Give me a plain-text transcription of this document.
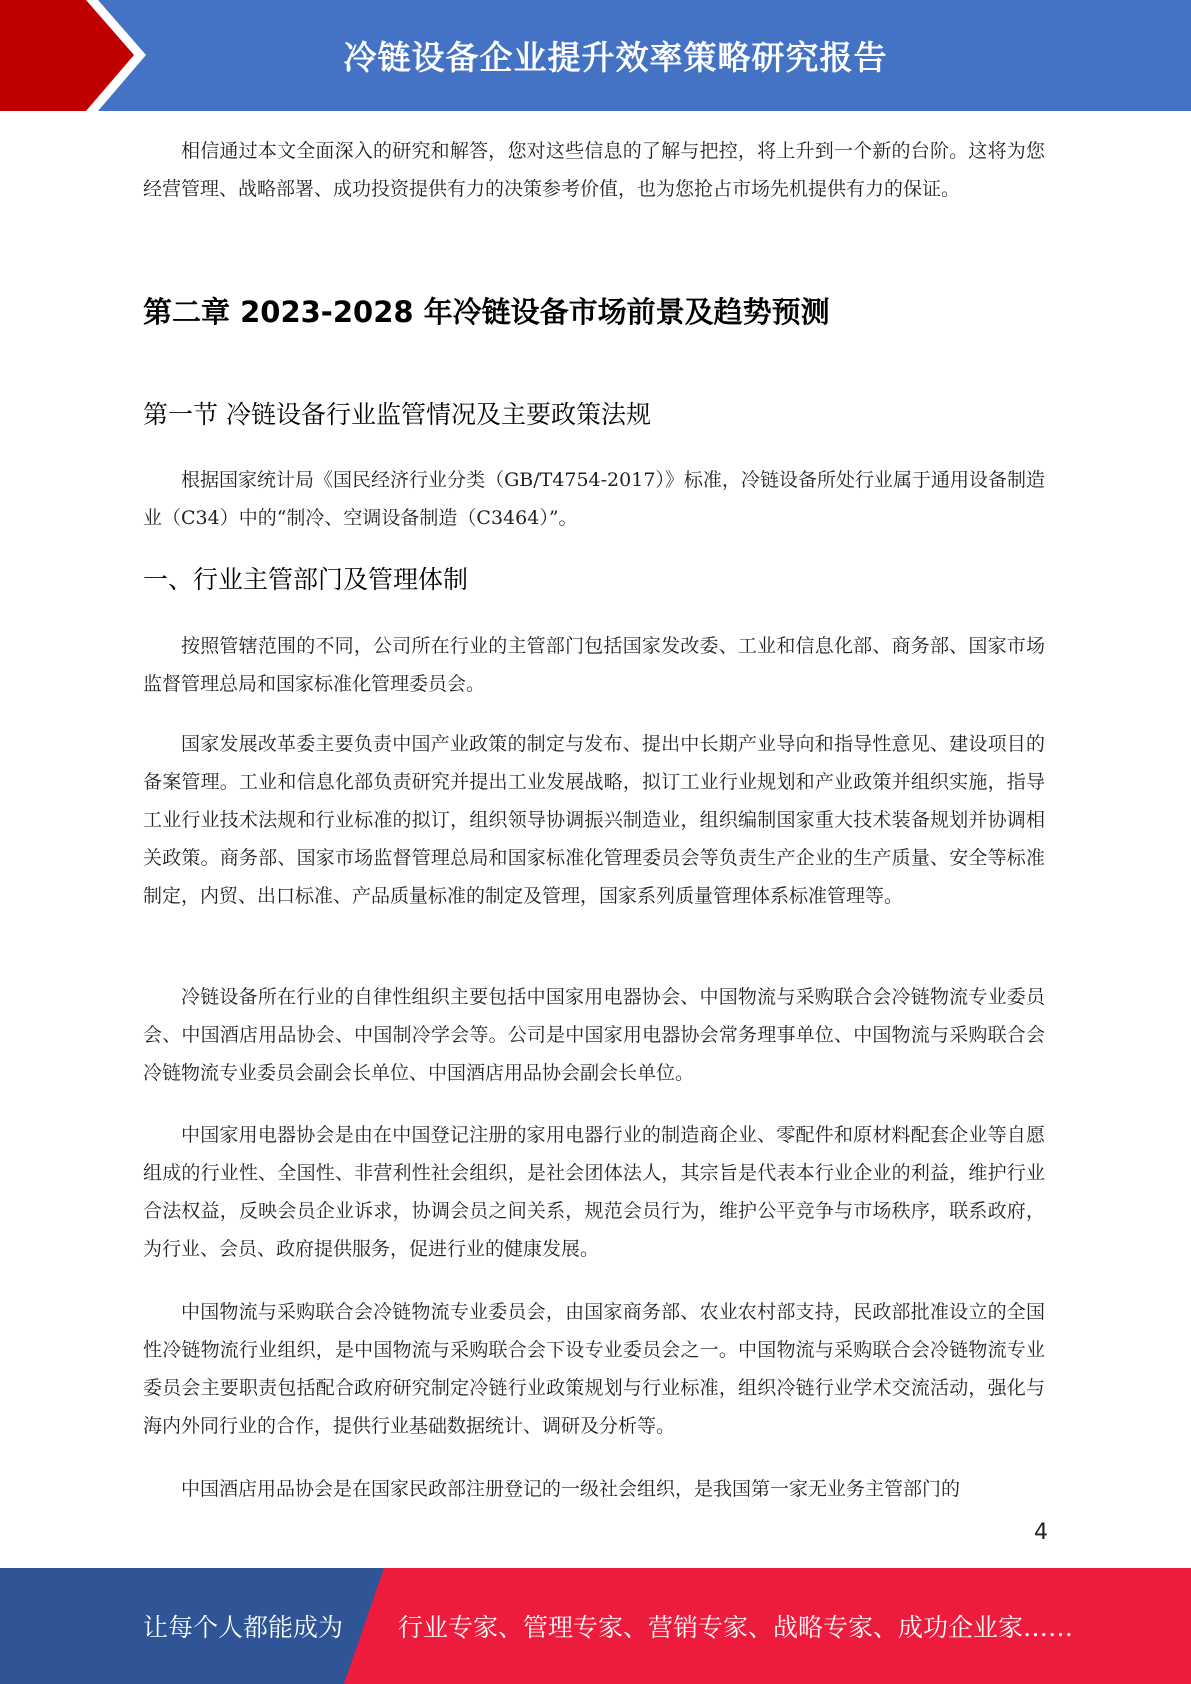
冷链设备企业提升效率策略研究报告

相信通过本文全面深入的研究和解答，您对这些信息的了解与把控，将上升到一个新的台阶。这将为您经营管理、战略部署、成功投资提供有力的决策参考价值，也为您抢占市场先机提供有力的保证。

第二章 2023-2028 年冷链设备市场前景及趋势预测
第一节 冷链设备行业监管情况及主要政策法规

根据国家统计局《国民经济行业分类（GB/T4754-2017）》标准，冷链设备所处行业属于通用设备制造业（C34）中的“制冷、空调设备制造（C3464）”。

一、行业主管部门及管理体制

按照管辖范围的不同，公司所在行业的主管部门包括国家发改委、工业和信息化部、商务部、国家市场监督管理总局和国家标准化管理委员会。

国家发展改革委主要负责中国产业政策的制定与发布、提出中长期产业导向和指导性意见、建设项目的备案管理。工业和信息化部负责研究并提出工业发展战略，拟订工业行业规划和产业政策并组织实施，指导工业行业技术法规和行业标准的拟订，组织领导协调振兴制造业，组织编制国家重大技术装备规划并协调相关政策。商务部、国家市场监督管理总局和国家标准化管理委员会等负责生产企业的生产质量、安全等标准制定，内贸、出口标准、产品质量标准的制定及管理，国家系列质量管理体系标准管理等。

冷链设备所在行业的自律性组织主要包括中国家用电器协会、中国物流与采购联合会冷链物流专业委员会、中国酒店用品协会、中国制冷学会等。公司是中国家用电器协会常务理事单位、中国物流与采购联合会冷链物流专业委员会副会长单位、中国酒店用品协会副会长单位。

中国家用电器协会是由在中国登记注册的家用电器行业的制造商企业、零配件和原材料配套企业等自愿组成的行业性、全国性、非营利性社会组织，是社会团体法人，其宗旨是代表本行业企业的利益，维护行业合法权益，反映会员企业诉求，协调会员之间关系，规范会员行为，维护公平竞争与市场秩序，联系政府，为行业、会员、政府提供服务，促进行业的健康发展。

中国物流与采购联合会冷链物流专业委员会，由国家商务部、农业农村部支持，民政部批准设立的全国性冷链物流行业组织，是中国物流与采购联合会下设专业委员会之一。中国物流与采购联合会冷链物流专业委员会主要职责包括配合政府研究制定冷链行业政策规划与行业标准，组织冷链行业学术交流活动，强化与海内外同行业的合作，提供行业基础数据统计、调研及分析等。

中国酒店用品协会是在国家民政部注册登记的一级社会组织，是我国第一家无业务主管部门的

4
让每个人都能成为 行业专家、管理专家、营销专家、战略专家、成功企业家……
